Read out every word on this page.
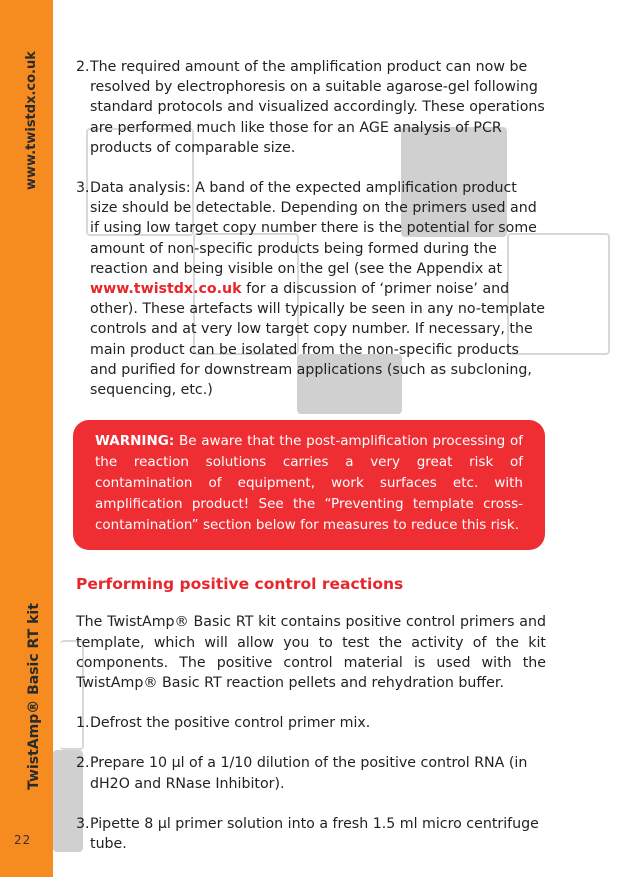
www.twistdx.co.uk
TwistAmp® Basic RT kit
22
2. The required amount of the amplification product can now be resolved by electrophoresis on a suitable agarose-gel following standard protocols and visualized accordingly. These operations are performed much like those for an AGE analysis of PCR products of comparable size.
3. Data analysis: A band of the expected amplification product size should be detectable. Depending on the primers used and if using low target copy number there is the potential for some amount of non-specific products being formed during the reaction and being visible on the gel (see the Appendix at www.twistdx.co.uk for a discussion of ‘primer noise’ and other). These artefacts will typically be seen in any no-template controls and at very low target copy number. If necessary, the main product can be isolated from the non-specific products and purified for downstream applications (such as subcloning, sequencing, etc.)
WARNING: Be aware that the post-amplification processing of the reaction solutions carries a very great risk of contamination of equipment, work surfaces etc. with amplification product! See the “Preventing template cross-contamination” section below for measures to reduce this risk.
Performing positive control reactions

The TwistAmp® Basic RT kit contains positive control primers and template, which will allow you to test the activity of the kit components. The positive control material is used with the TwistAmp® Basic RT reaction pellets and rehydration buffer.

1. Defrost the positive control primer mix.
2. Prepare 10 µl of a 1/10 dilution of the positive control RNA (in dH2O and RNase Inhibitor).
3. Pipette 8 µl primer solution into a fresh 1.5 ml micro centrifuge tube.
